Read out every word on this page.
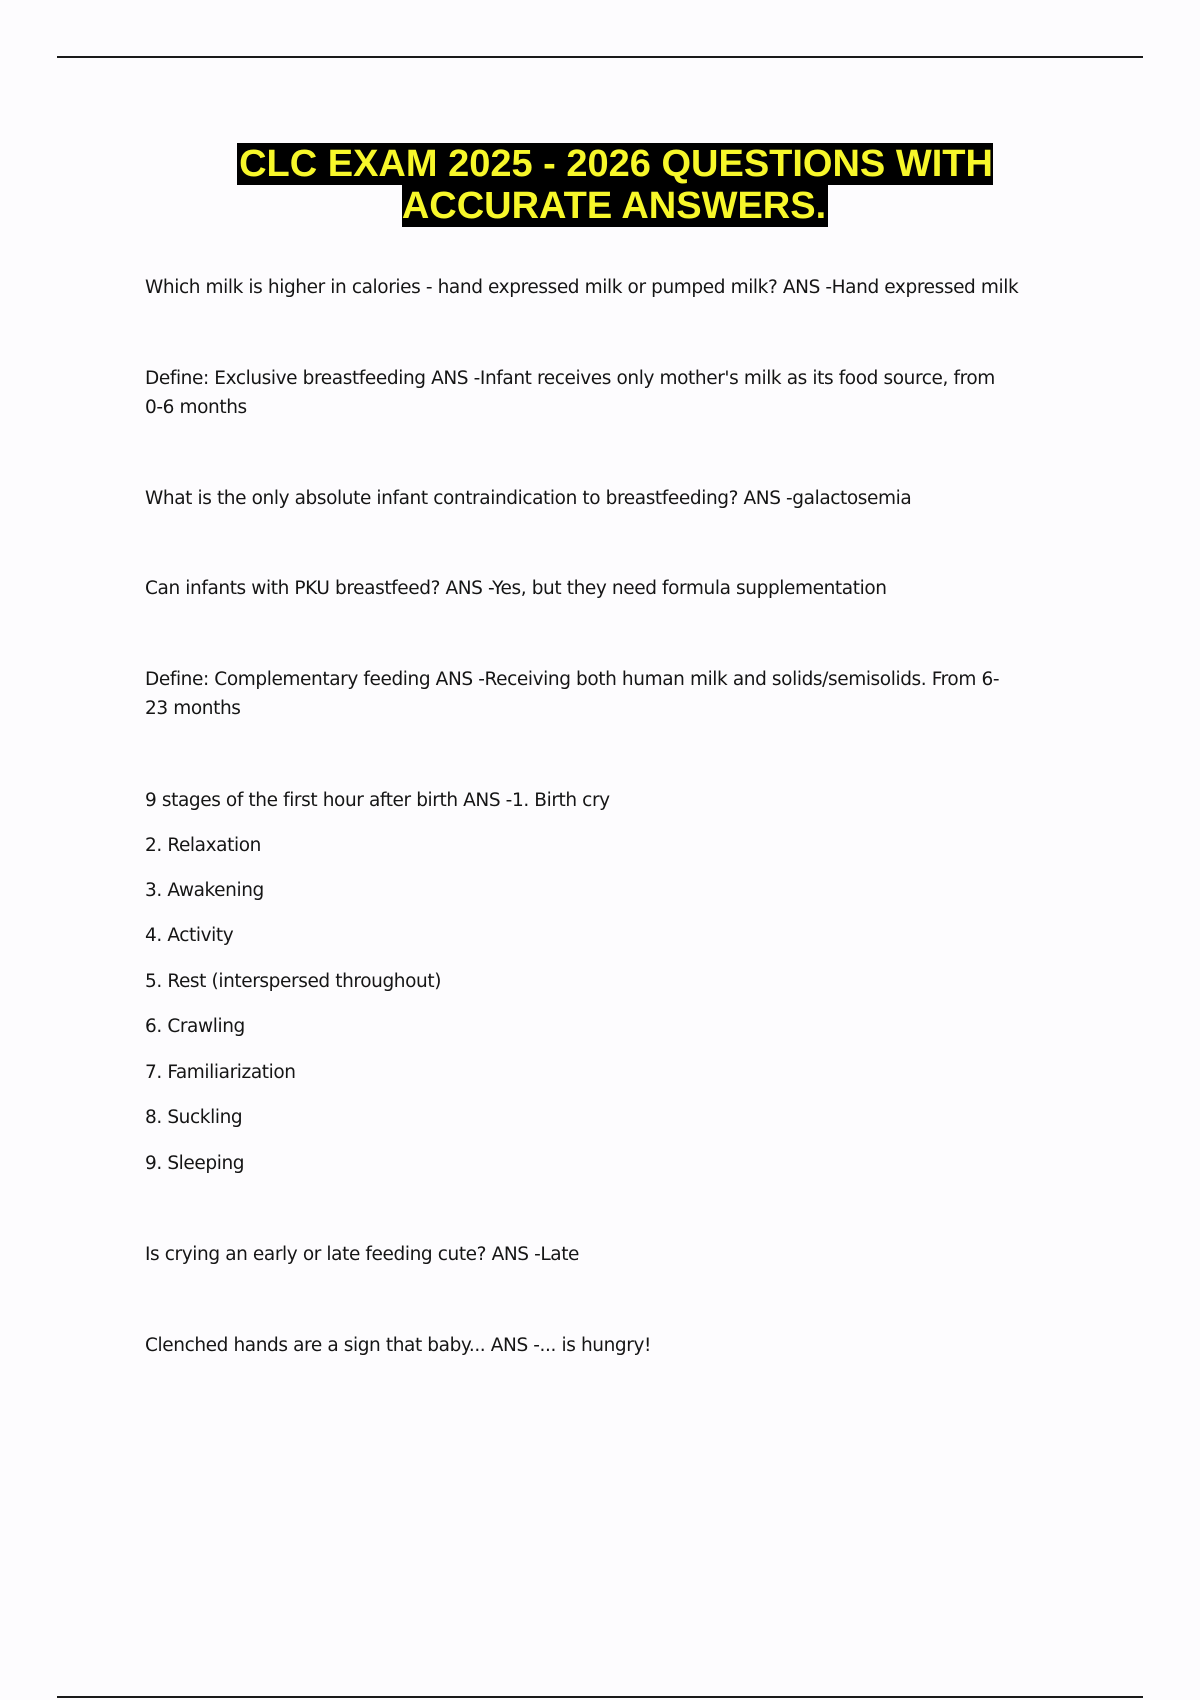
CLC EXAM 2025 - 2026 QUESTIONS WITH ACCURATE ANSWERS.

Which milk is higher in calories - hand expressed milk or pumped milk? ANS -Hand expressed milk

Define: Exclusive breastfeeding ANS -Infant receives only mother's milk as its food source, from 0-6 months

What is the only absolute infant contraindication to breastfeeding? ANS -galactosemia

Can infants with PKU breastfeed? ANS -Yes, but they need formula supplementation

Define: Complementary feeding ANS -Receiving both human milk and solids/semisolids. From 6-23 months

9 stages of the first hour after birth ANS -1. Birth cry

2. Relaxation

3. Awakening

4. Activity

5. Rest (interspersed throughout)

6. Crawling

7. Familiarization

8. Suckling

9. Sleeping

Is crying an early or late feeding cute? ANS -Late

Clenched hands are a sign that baby... ANS -... is hungry!
